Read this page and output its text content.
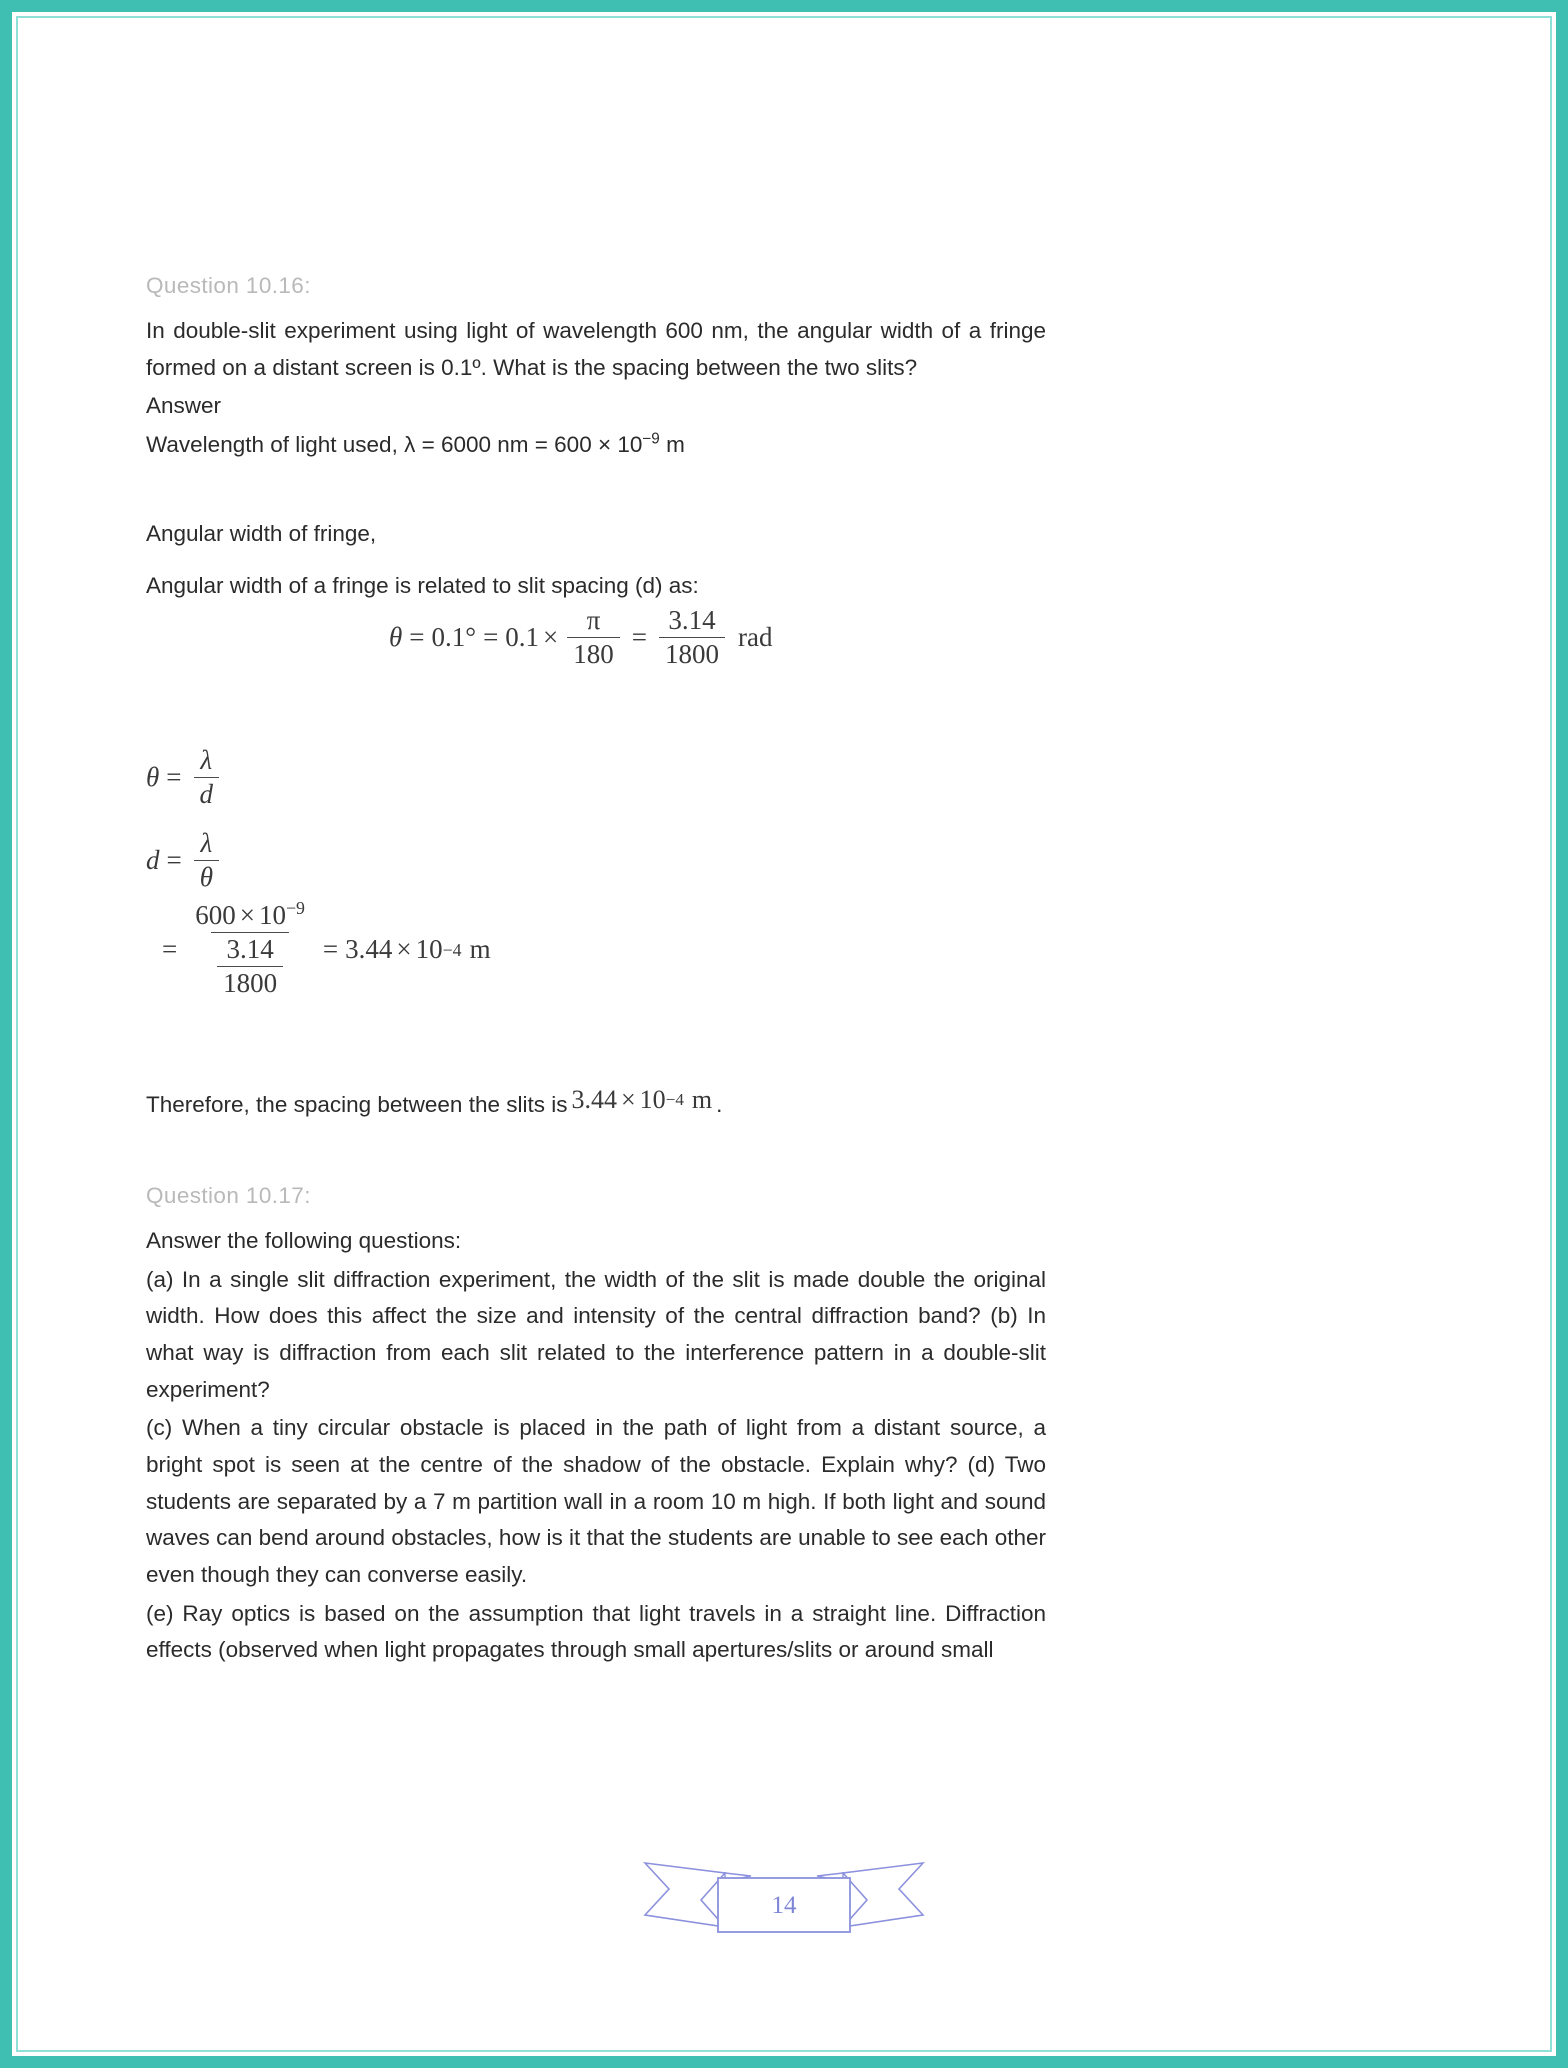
Question 10.16:

In double-slit experiment using light of wavelength 600 nm, the angular width of a fringe formed on a distant screen is 0.1º. What is the spacing between the two slits?

Answer

Wavelength of light used, λ = 6000 nm = $600 \times 10^{-9}$ m

Angular width of fringe,

Angular width of a fringe is related to slit spacing (d) as:

$\theta = 0.1^\circ = 0.1 \times \frac{\pi}{180} = \frac{3.14}{1800}$ rad
$\theta = \frac{\lambda}{d}$
$d = \frac{\lambda}{\theta}$
= $\frac{600 \times 10^{-9}}{\frac{3.14}{1800}} = 3.44 \times 10 -4$ m
Therefore, the spacing between the slits is 3.44 × 10 −4 m .
Question 10.17:

Answer the following questions:

(a) In a single slit diffraction experiment, the width of the slit is made double the original width. How does this affect the size and intensity of the central diffraction band? (b) In what way is diffraction from each slit related to the interference pattern in a double-slit experiment?

(c) When a tiny circular obstacle is placed in the path of light from a distant source, a bright spot is seen at the centre of the shadow of the obstacle. Explain why? (d) Two students are separated by a 7 m partition wall in a room 10 m high. If both light and sound waves can bend around obstacles, how is it that the students are unable to see each other even though they can converse easily.

(e) Ray optics is based on the assumption that light travels in a straight line. Diffraction effects (observed when light propagates through small apertures/slits or around small

14
